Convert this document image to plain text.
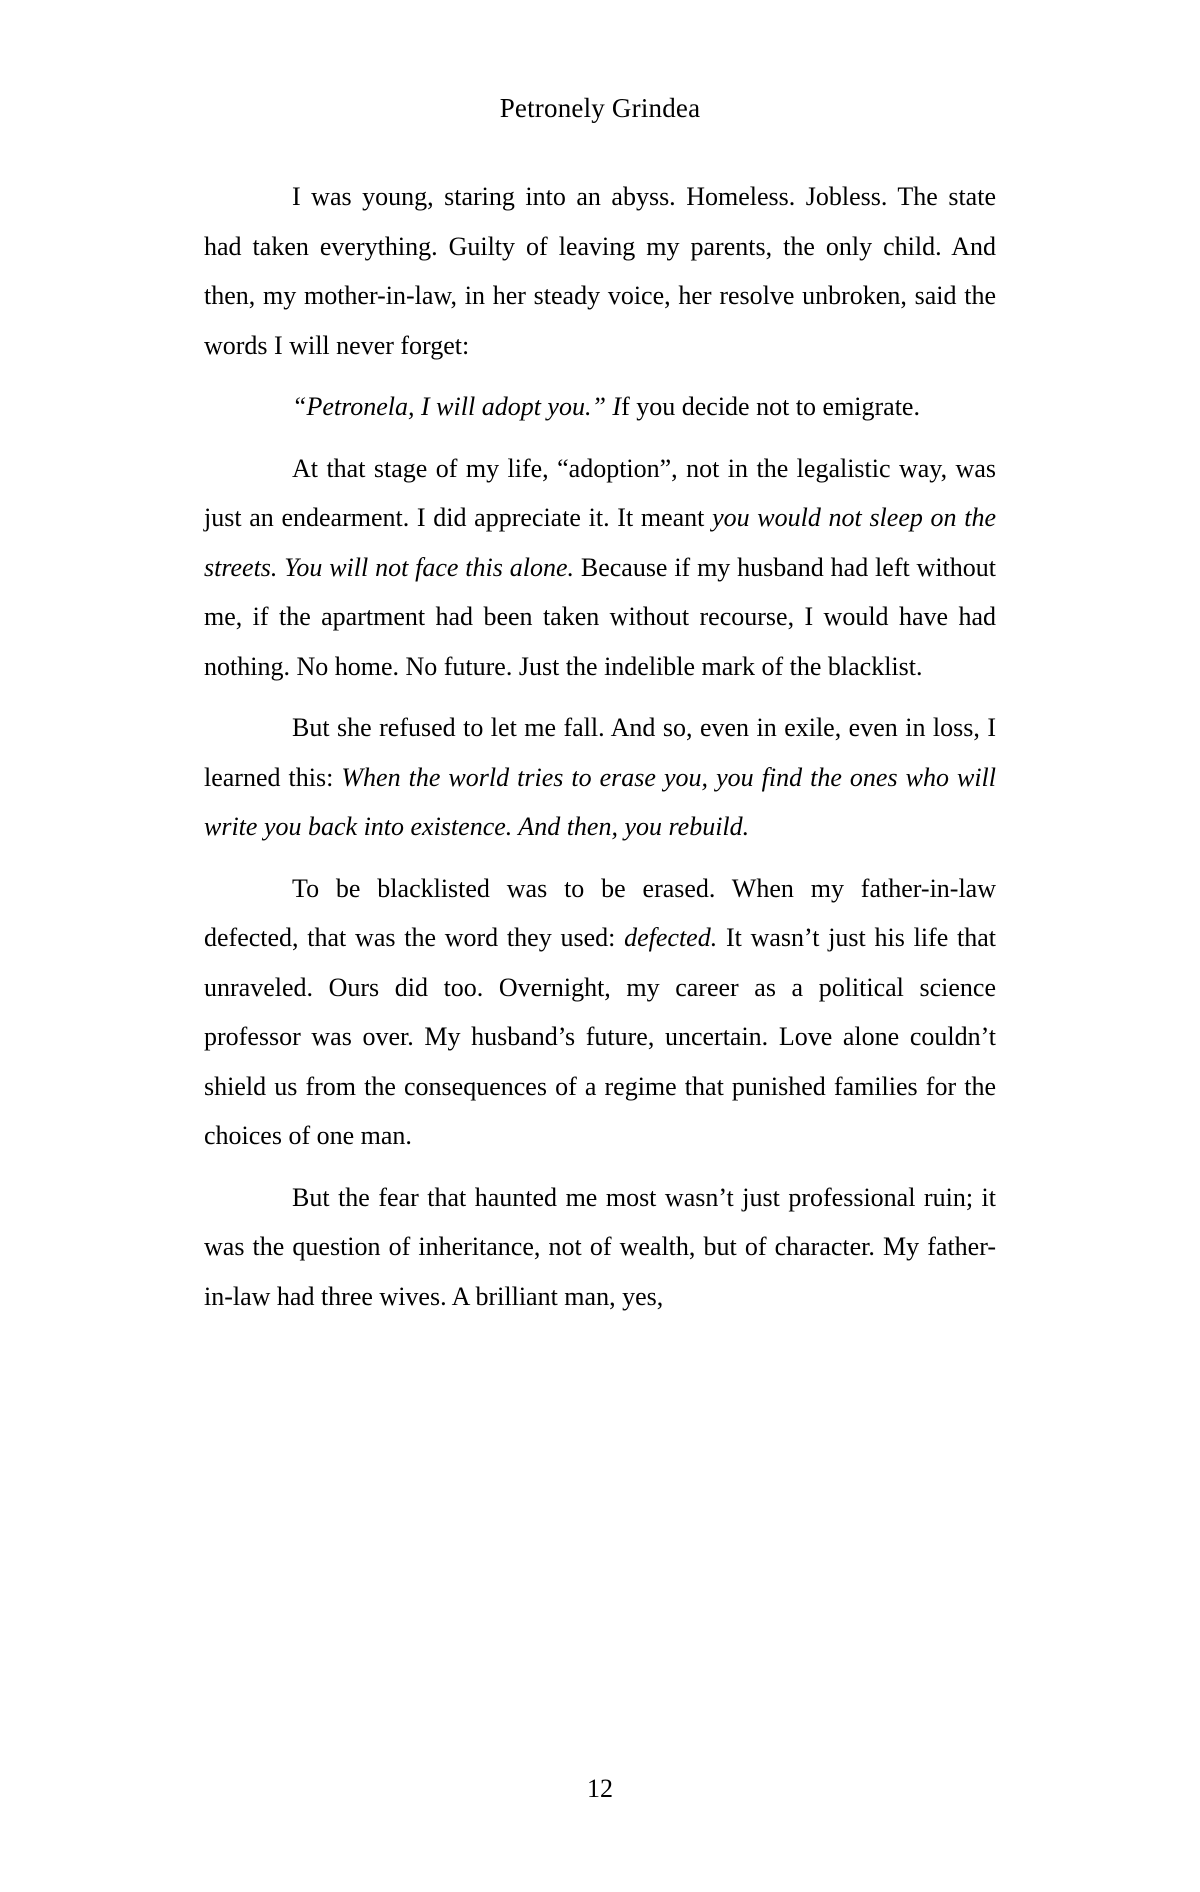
Petronely Grindea

I was young, staring into an abyss. Homeless. Jobless. The state had taken everything. Guilty of leaving my parents, the only child. And then, my mother-in-law, in her steady voice, her resolve unbroken, said the words I will never forget:

“Petronela, I will adopt you.” If you decide not to emigrate.

At that stage of my life, “adoption”, not in the legalistic way, was just an endearment. I did appreciate it. It meant you would not sleep on the streets. You will not face this alone. Because if my husband had left without me, if the apartment had been taken without recourse, I would have had nothing. No home. No future. Just the indelible mark of the blacklist.

But she refused to let me fall. And so, even in exile, even in loss, I learned this: When the world tries to erase you, you find the ones who will write you back into existence. And then, you rebuild.

To be blacklisted was to be erased. When my father-in-law defected, that was the word they used: defected. It wasn’t just his life that unraveled. Ours did too. Overnight, my career as a political science professor was over. My husband’s future, uncertain. Love alone couldn’t shield us from the consequences of a regime that punished families for the choices of one man.

But the fear that haunted me most wasn’t just professional ruin; it was the question of inheritance, not of wealth, but of character. My father-in-law had three wives. A brilliant man, yes,

12
